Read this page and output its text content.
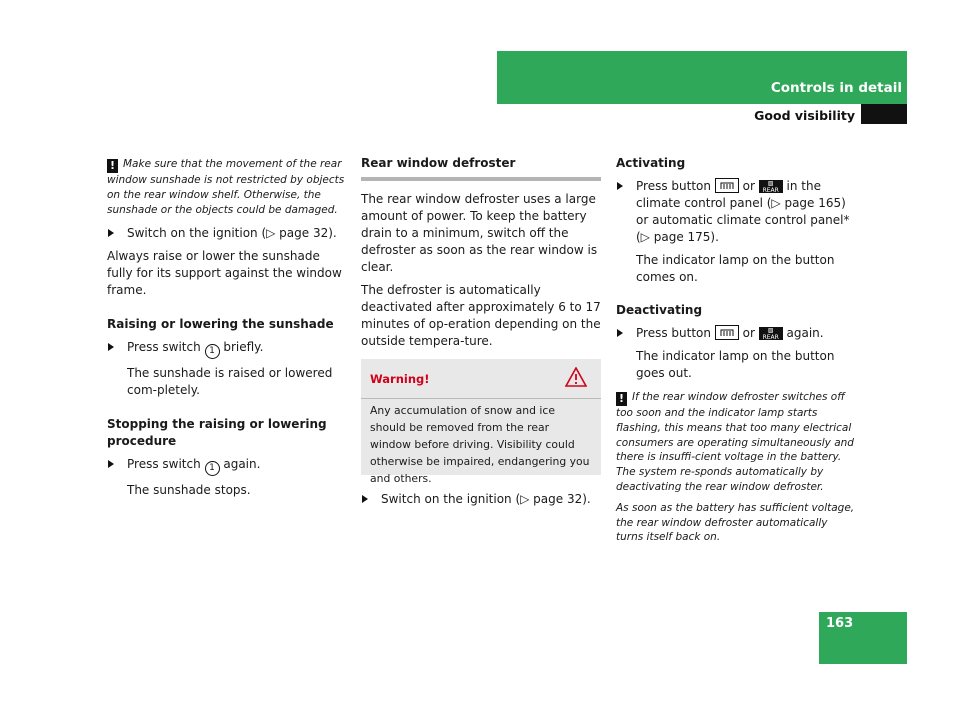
Controls in detail
Good visibility

! Make sure that the movement of the rear window sunshade is not restricted by objects on the rear window shelf. Otherwise, the sunshade or the objects could be damaged.

Switch on the ignition (▷ page 32).

Always raise or lower the sunshade fully for its support against the window frame.

Raising or lowering the sunshade

Press switch 1 briefly.

The sunshade is raised or lowered com-pletely.

Stopping the raising or lowering procedure

Press switch 1 again.

The sunshade stops.

Rear window defroster

The rear window defroster uses a large amount of power. To keep the battery drain to a minimum, switch off the defroster as soon as the rear window is clear.

The defroster is automatically deactivated after approximately 6 to 17 minutes of op-eration depending on the outside tempera-ture.

Warning!
Any accumulation of snow and ice should be removed from the rear window before driving. Visibility could otherwise be impaired, endangering you and others.

Switch on the ignition (▷ page 32).

Activating

Press button  or ▧
REAR in the climate control panel (▷ page 165) or automatic climate control panel* (▷ page 175).

The indicator lamp on the button comes on.

Deactivating

Press button  or ▧
REAR again.

The indicator lamp on the button goes out.

! If the rear window defroster switches off too soon and the indicator lamp starts flashing, this means that too many electrical consumers are operating simultaneously and there is insuffi-cient voltage in the battery. The system re-sponds automatically by deactivating the rear window defroster.

As soon as the battery has sufficient voltage, the rear window defroster automatically turns itself back on.

163
